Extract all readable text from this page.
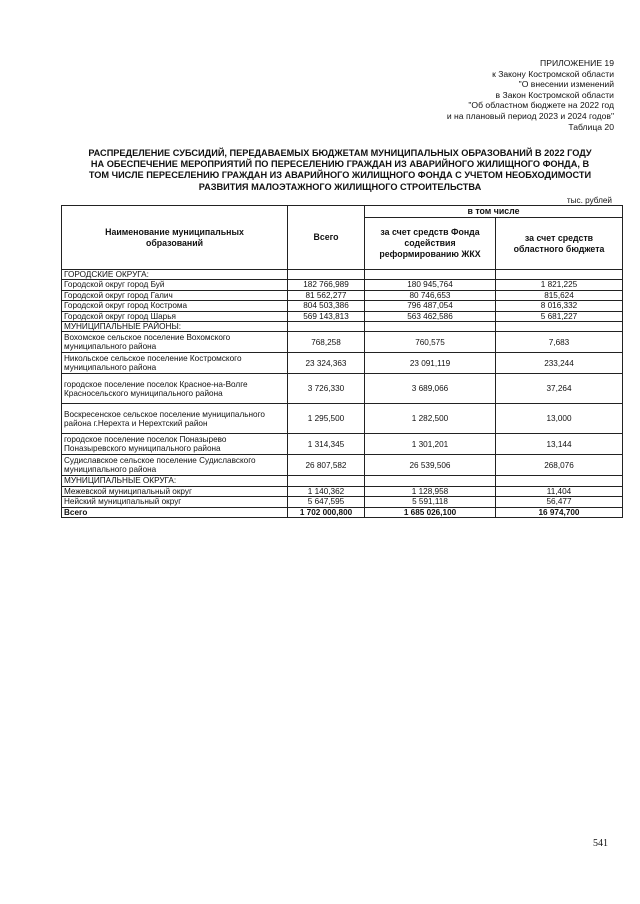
ПРИЛОЖЕНИЕ 19
к Закону Костромской области
"О внесении изменений
в Закон Костромской области
"Об областном бюджете на 2022 год
и на плановый период 2023 и 2024 годов"
Таблица 20
РАСПРЕДЕЛЕНИЕ СУБСИДИЙ, ПЕРЕДАВАЕМЫХ БЮДЖЕТАМ МУНИЦИПАЛЬНЫХ ОБРАЗОВАНИЙ В 2022 ГОДУ
НА ОБЕСПЕЧЕНИЕ МЕРОПРИЯТИЙ ПО ПЕРЕСЕЛЕНИЮ ГРАЖДАН ИЗ АВАРИЙНОГО ЖИЛИЩНОГО ФОНДА, В
ТОМ ЧИСЛЕ ПЕРЕСЕЛЕНИЮ ГРАЖДАН ИЗ АВАРИЙНОГО ЖИЛИЩНОГО ФОНДА С УЧЕТОМ НЕОБХОДИМОСТИ
РАЗВИТИЯ МАЛОЭТАЖНОГО ЖИЛИЩНОГО СТРОИТЕЛЬСТВА
тыс. рублей
Наименование муниципальных образований	Всего	в том числе	
		за счет средств Фонда содействия реформированию ЖКХ	за счет средств областного бюджета
ГОРОДСКИЕ ОКРУГА:			
Городской округ город Буй	182 766,989	180 945,764	1 821,225
Городской округ город Галич	81 562,277	80 746,653	815,624
Городской округ город Кострома	804 503,386	796 487,054	8 016,332
Городской округ город Шарья	569 143,813	563 462,586	5 681,227
МУНИЦИПАЛЬНЫЕ РАЙОНЫ:			
Вохомское сельское поселение Вохомского муниципального района	768,258	760,575	7,683
Никольское сельское поселение Костромского муниципального района	23 324,363	23 091,119	233,244
городское поселение поселок Красное-на-Волге Красносельского муниципального района	3 726,330	3 689,066	37,264
Воскресенское сельское поселение муниципального района г.Нерехта и Нерехтский район	1 295,500	1 282,500	13,000
городское поселение поселок Поназырево Поназыревского муниципального района	1 314,345	1 301,201	13,144
Судиславское сельское поселение Судиславского муниципального района	26 807,582	26 539,506	268,076
МУНИЦИПАЛЬНЫЕ ОКРУГА:			
Межевской муниципальный округ	1 140,362	1 128,958	11,404
Нейский муниципальный округ	5 647,595	5 591,118	56,477
Всего	1 702 000,800	1 685 026,100	16 974,700
541
